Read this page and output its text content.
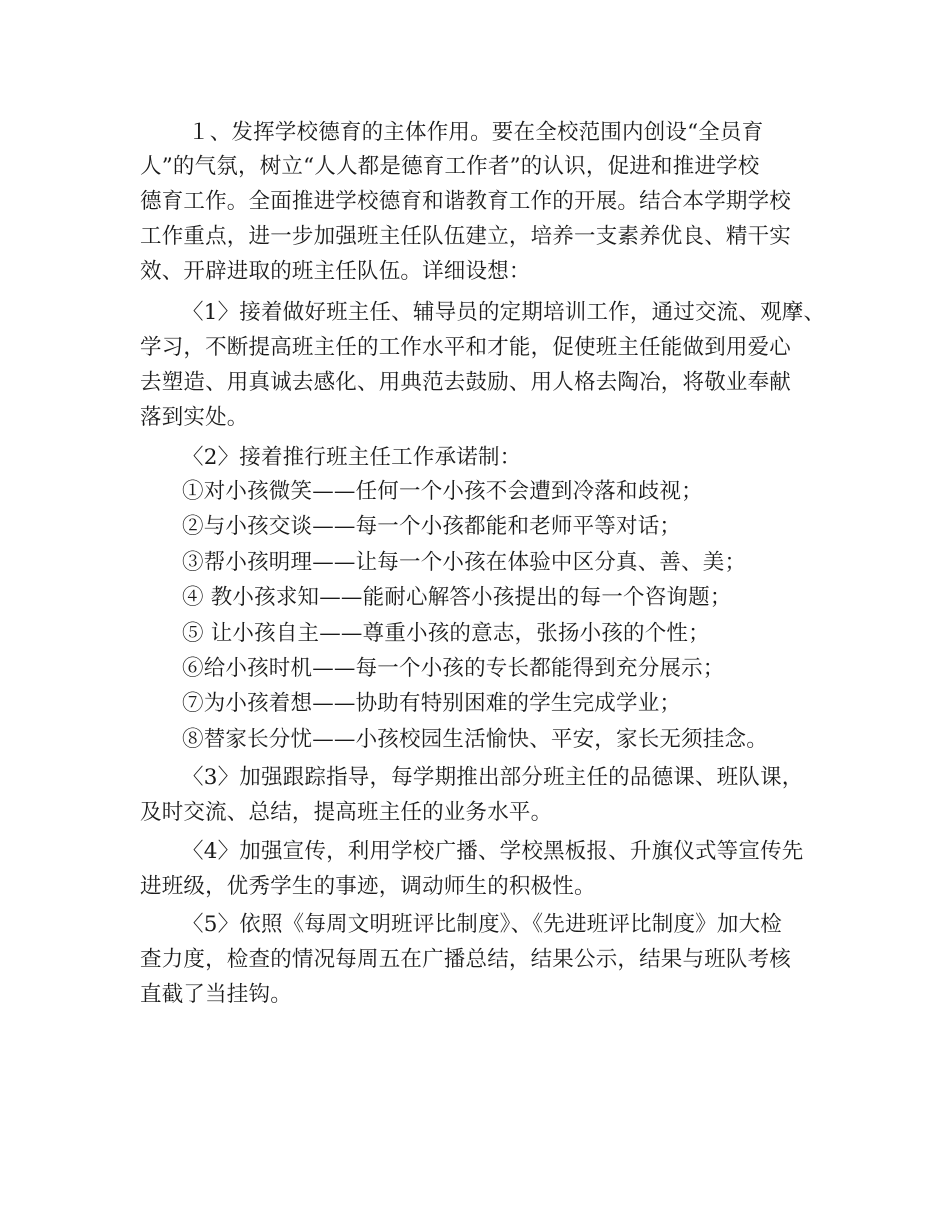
１、发挥学校德育的主体作用。要在全校范围内创设“全员育
人”的气氛，树立“人人都是德育工作者”的认识，促进和推进学校
德育工作。全面推进学校德育和谐教育工作的开展。结合本学期学校
工作重点，进一步加强班主任队伍建立，培养一支素养优良、精干实
效、开辟进取的班主任队伍。详细设想：
〈1〉接着做好班主任、辅导员的定期培训工作，通过交流、观摩、
学习，不断提高班主任的工作水平和才能，促使班主任能做到用爱心
去塑造、用真诚去感化、用典范去鼓励、用人格去陶冶，将敬业奉献
落到实处。
〈2〉接着推行班主任工作承诺制：
①对小孩微笑——任何一个小孩不会遭到冷落和歧视；
②与小孩交谈——每一个小孩都能和老师平等对话；
③帮小孩明理——让每一个小孩在体验中区分真、善、美；
④ 教小孩求知——能耐心解答小孩提出的每一个咨询题；
⑤ 让小孩自主——尊重小孩的意志，张扬小孩的个性；
⑥给小孩时机——每一个小孩的专长都能得到充分展示；
⑦为小孩着想——协助有特别困难的学生完成学业；
⑧替家长分忧——小孩校园生活愉快、平安，家长无须挂念。
〈3〉加强跟踪指导，每学期推出部分班主任的品德课、班队课，
及时交流、总结，提高班主任的业务水平。
〈4〉加强宣传，利用学校广播、学校黑板报、升旗仪式等宣传先
进班级，优秀学生的事迹，调动师生的积极性。
〈5〉依照《每周文明班评比制度》、《先进班评比制度》加大检
查力度，检查的情况每周五在广播总结，结果公示，结果与班队考核
直截了当挂钩。
